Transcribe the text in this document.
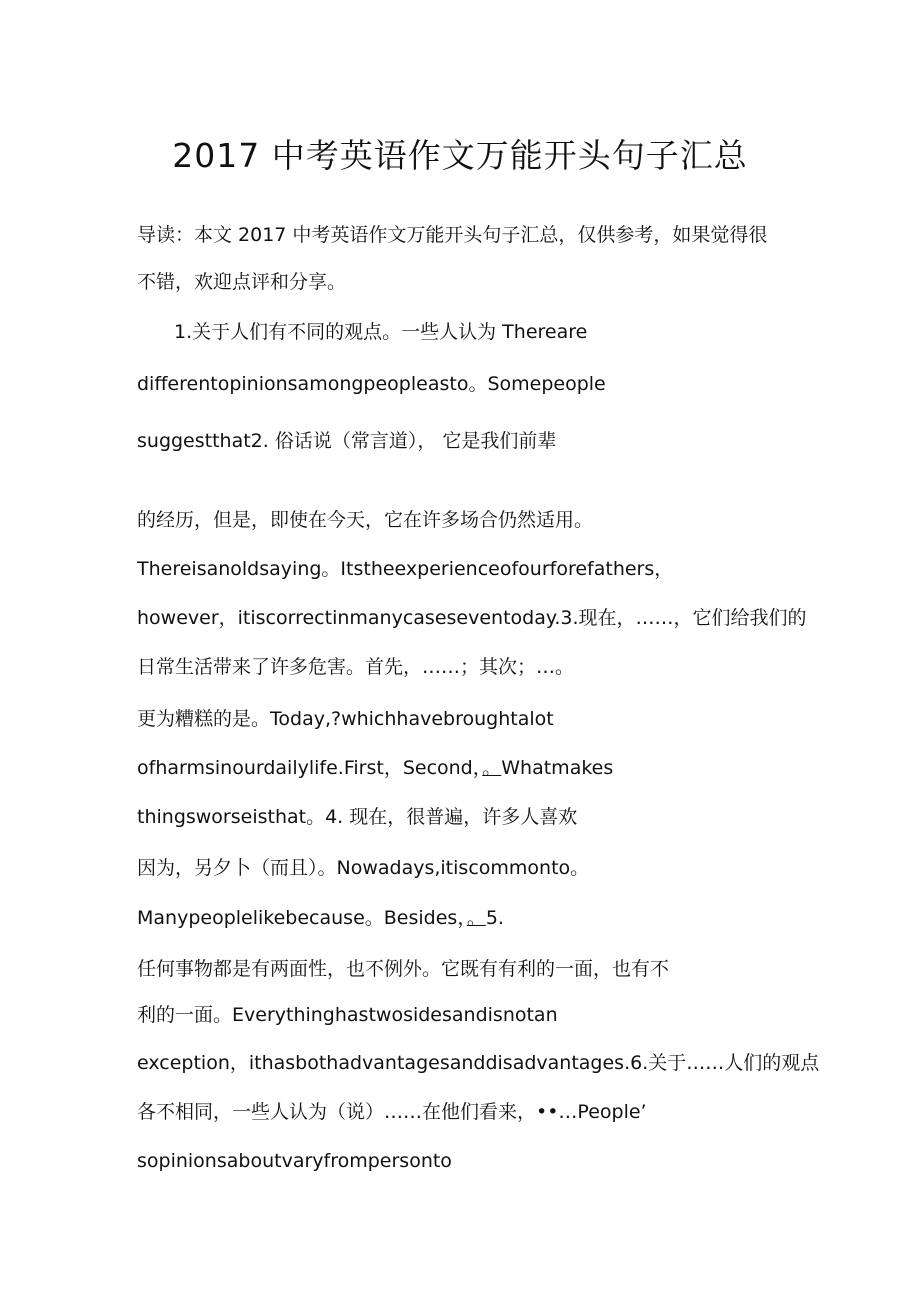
2017 中考英语作文万能开头句子汇总
导读：本文 2017 中考英语作文万能开头句子汇总，仅供参考，如果觉得很
不错，欢迎点评和分享。
1.关于人们有不同的观点。一些人认为 Thereare
differentopinionsamongpeopleasto。Somepeople
suggestthat2. 俗话说（常言道）， 它是我们前辈
的经历，但是，即使在今天，它在许多场合仍然适用。
Thereisanoldsaying。Itstheexperienceofourforefathers，
however，itiscorrectinmanycaseseventoday.3.现在，……，它们给我们的
日常生活带来了许多危害。首先，……；其次；…。
更为糟糕的是。Today,?whichhavebroughtalot
ofharmsinourdailylife.First，Second，。Whatmakes
thingsworseisthat。4. 现在，很普遍，许多人喜欢
因为，另夕卜（而且）。Nowadays,itiscommonto。
Manypeoplelikebecause。Besides，。5.
任何事物都是有两面性，也不例外。它既有有利的一面，也有不
利的一面。Everythinghastwosidesandisnotan
exception，ithasbothadvantagesanddisadvantages.6.关于……人们的观点
各不相同，一些人认为（说）……在他们看来，••…People’
sopinionsaboutvaryfrompersonto
